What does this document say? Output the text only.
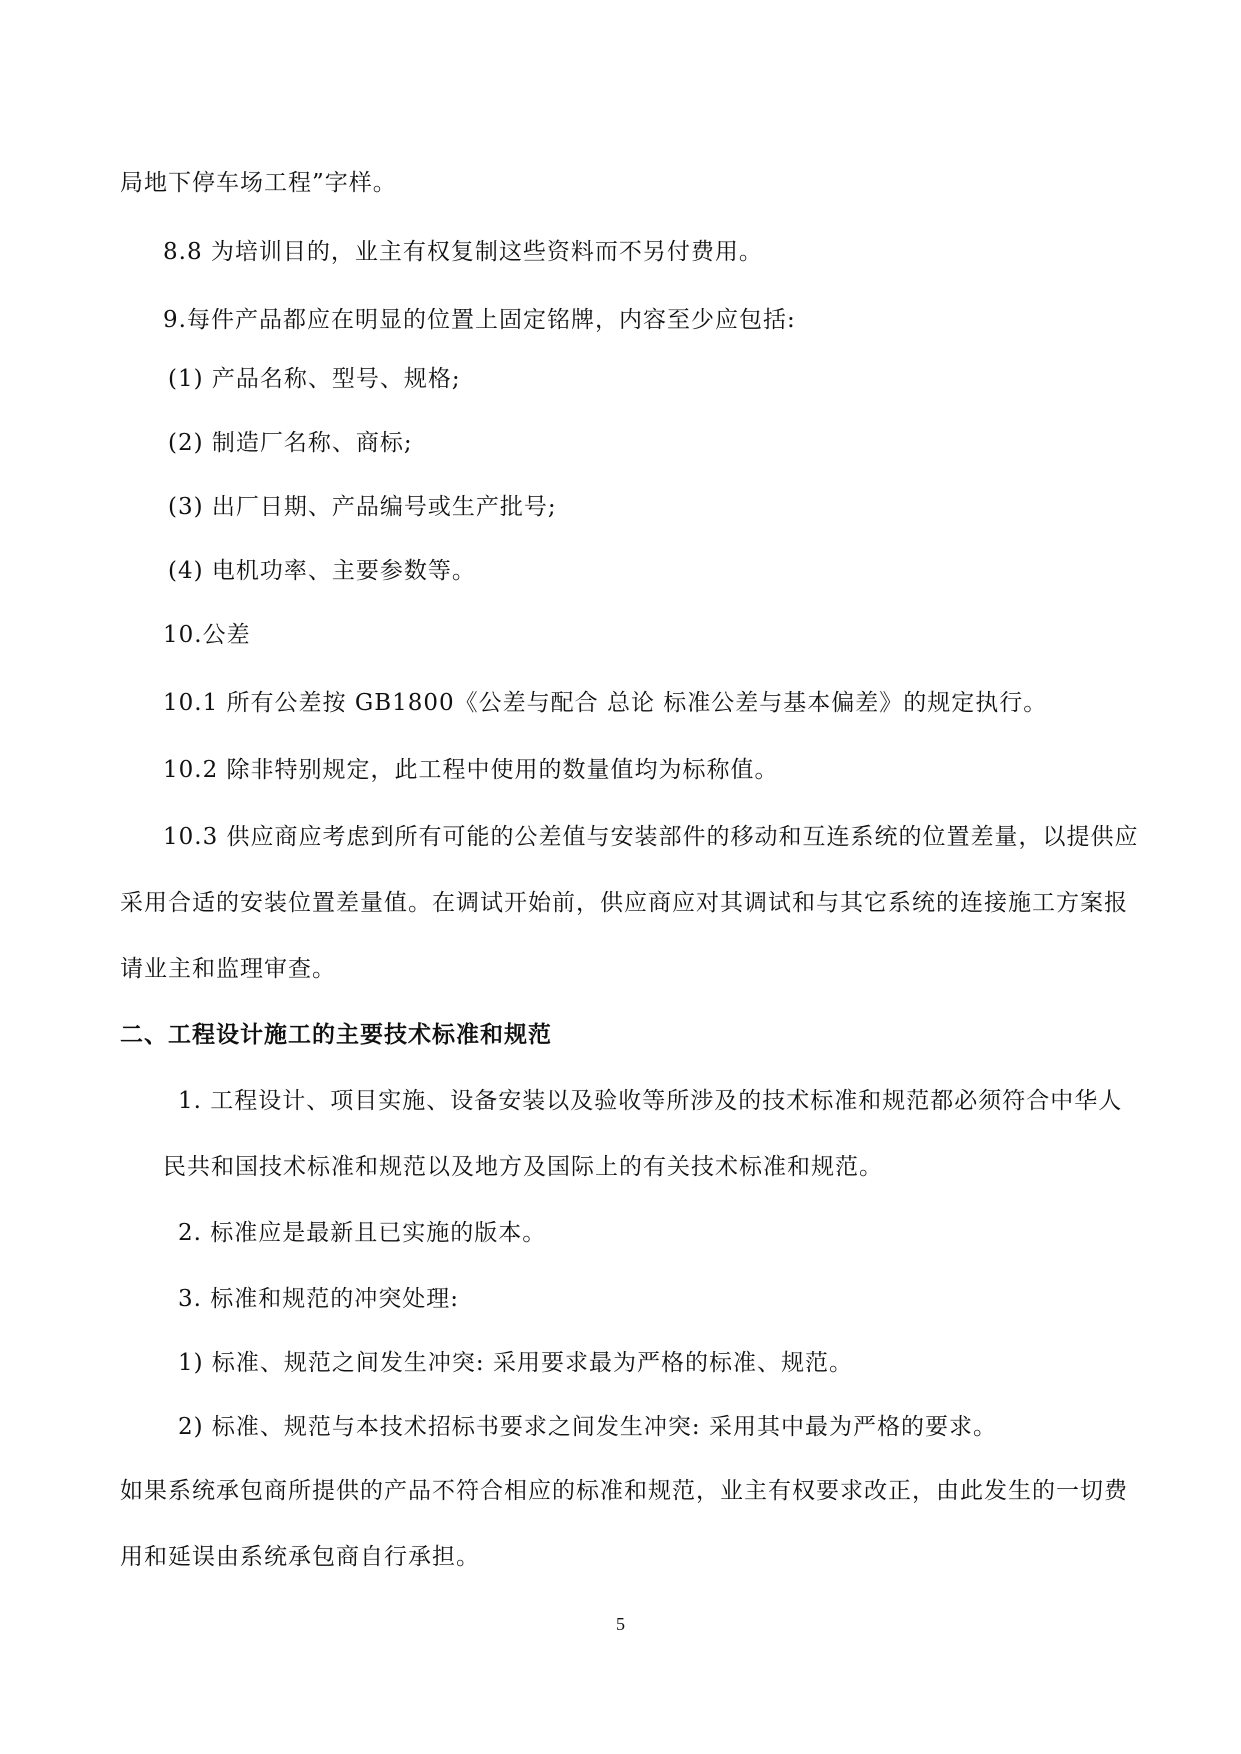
局地下停车场工程”字样。
8.8 为培训目的，业主有权复制这些资料而不另付费用。
9.每件产品都应在明显的位置上固定铭牌，内容至少应包括:
(1) 产品名称、型号、规格;
(2) 制造厂名称、商标;
(3) 出厂日期、产品编号或生产批号;
(4) 电机功率、主要参数等。
10.公差
10.1 所有公差按 GB1800《公差与配合 总论 标准公差与基本偏差》的规定执行。
10.2 除非特别规定，此工程中使用的数量值均为标称值。
10.3 供应商应考虑到所有可能的公差值与安装部件的移动和互连系统的位置差量，以提供应
采用合适的安装位置差量值。在调试开始前，供应商应对其调试和与其它系统的连接施工方案报
请业主和监理审查。
二、工程设计施工的主要技术标准和规范
1. 工程设计、项目实施、设备安装以及验收等所涉及的技术标准和规范都必须符合中华人
民共和国技术标准和规范以及地方及国际上的有关技术标准和规范。
2. 标准应是最新且已实施的版本。
3. 标准和规范的冲突处理:
1) 标准、规范之间发生冲突: 采用要求最为严格的标准、规范。
2) 标准、规范与本技术招标书要求之间发生冲突: 采用其中最为严格的要求。
如果系统承包商所提供的产品不符合相应的标准和规范，业主有权要求改正，由此发生的一切费
用和延误由系统承包商自行承担。
5
